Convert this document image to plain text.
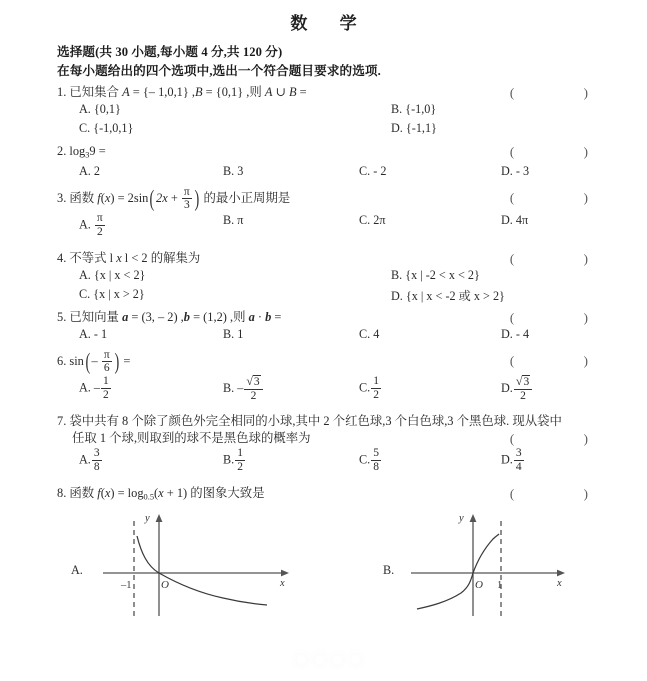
数 学
选择题(共 30 小题,每小题 4 分,共 120 分)
在每小题给出的四个选项中,选出一个符合题目要求的选项.
1. 已知集合 A = {– 1,0,1} ,B = {0,1} ,则 A ∪ B =	(  )
A. {0,1}	B. {-1,0}
C. {-1,0,1}	D. {-1,1}
2. $\log_39$ =	(  )
A. 2	B. 3	C. - 2	D. - 3
3. 函数 $f(x) = 2\sin(2x + \frac{\pi}{3}$ ) 的最小正周期是	(  )
A. $\frac{\pi}{2}$	B. π	C. 2π	D. 4π
4. 不等式 l x l < 2 的解集为	(  )
A. {x | x < 2}	B. {x | -2 < x < 2}
C. {x | x > 2}	D. {x | x < -2 或 x > 2}
5. 已知向量 a = (3, – 2) ,b = (1,2) ,则 a · b =	(  )
A. - 1	B. 1	C. 4	D. - 4
6. $\sin(- \frac{\pi}{6}$ ) =	(  )
A. – $\frac{1}{2}$	B. – $\frac{√3}{2}$	C. $\frac{1}{2}$	D. $\frac{√3}{2}$
7. 袋中共有 8 个除了颜色外完全相同的小球,其中 2 个红色球,3 个白色球,3 个黑色球. 现从袋中
任取 1 个球,则取到的球不是黑色球的概率为	(  )
A. $\frac{3}{8}$	B. $\frac{1}{2}$	C. $\frac{5}{8}$	D. $\frac{3}{4}$
8. 函数 $f(x) = \log_{0.5}(x + 1)$ 的图象大致是	(  )
A.
y
x
O
–1
B.
y
x
O 1
